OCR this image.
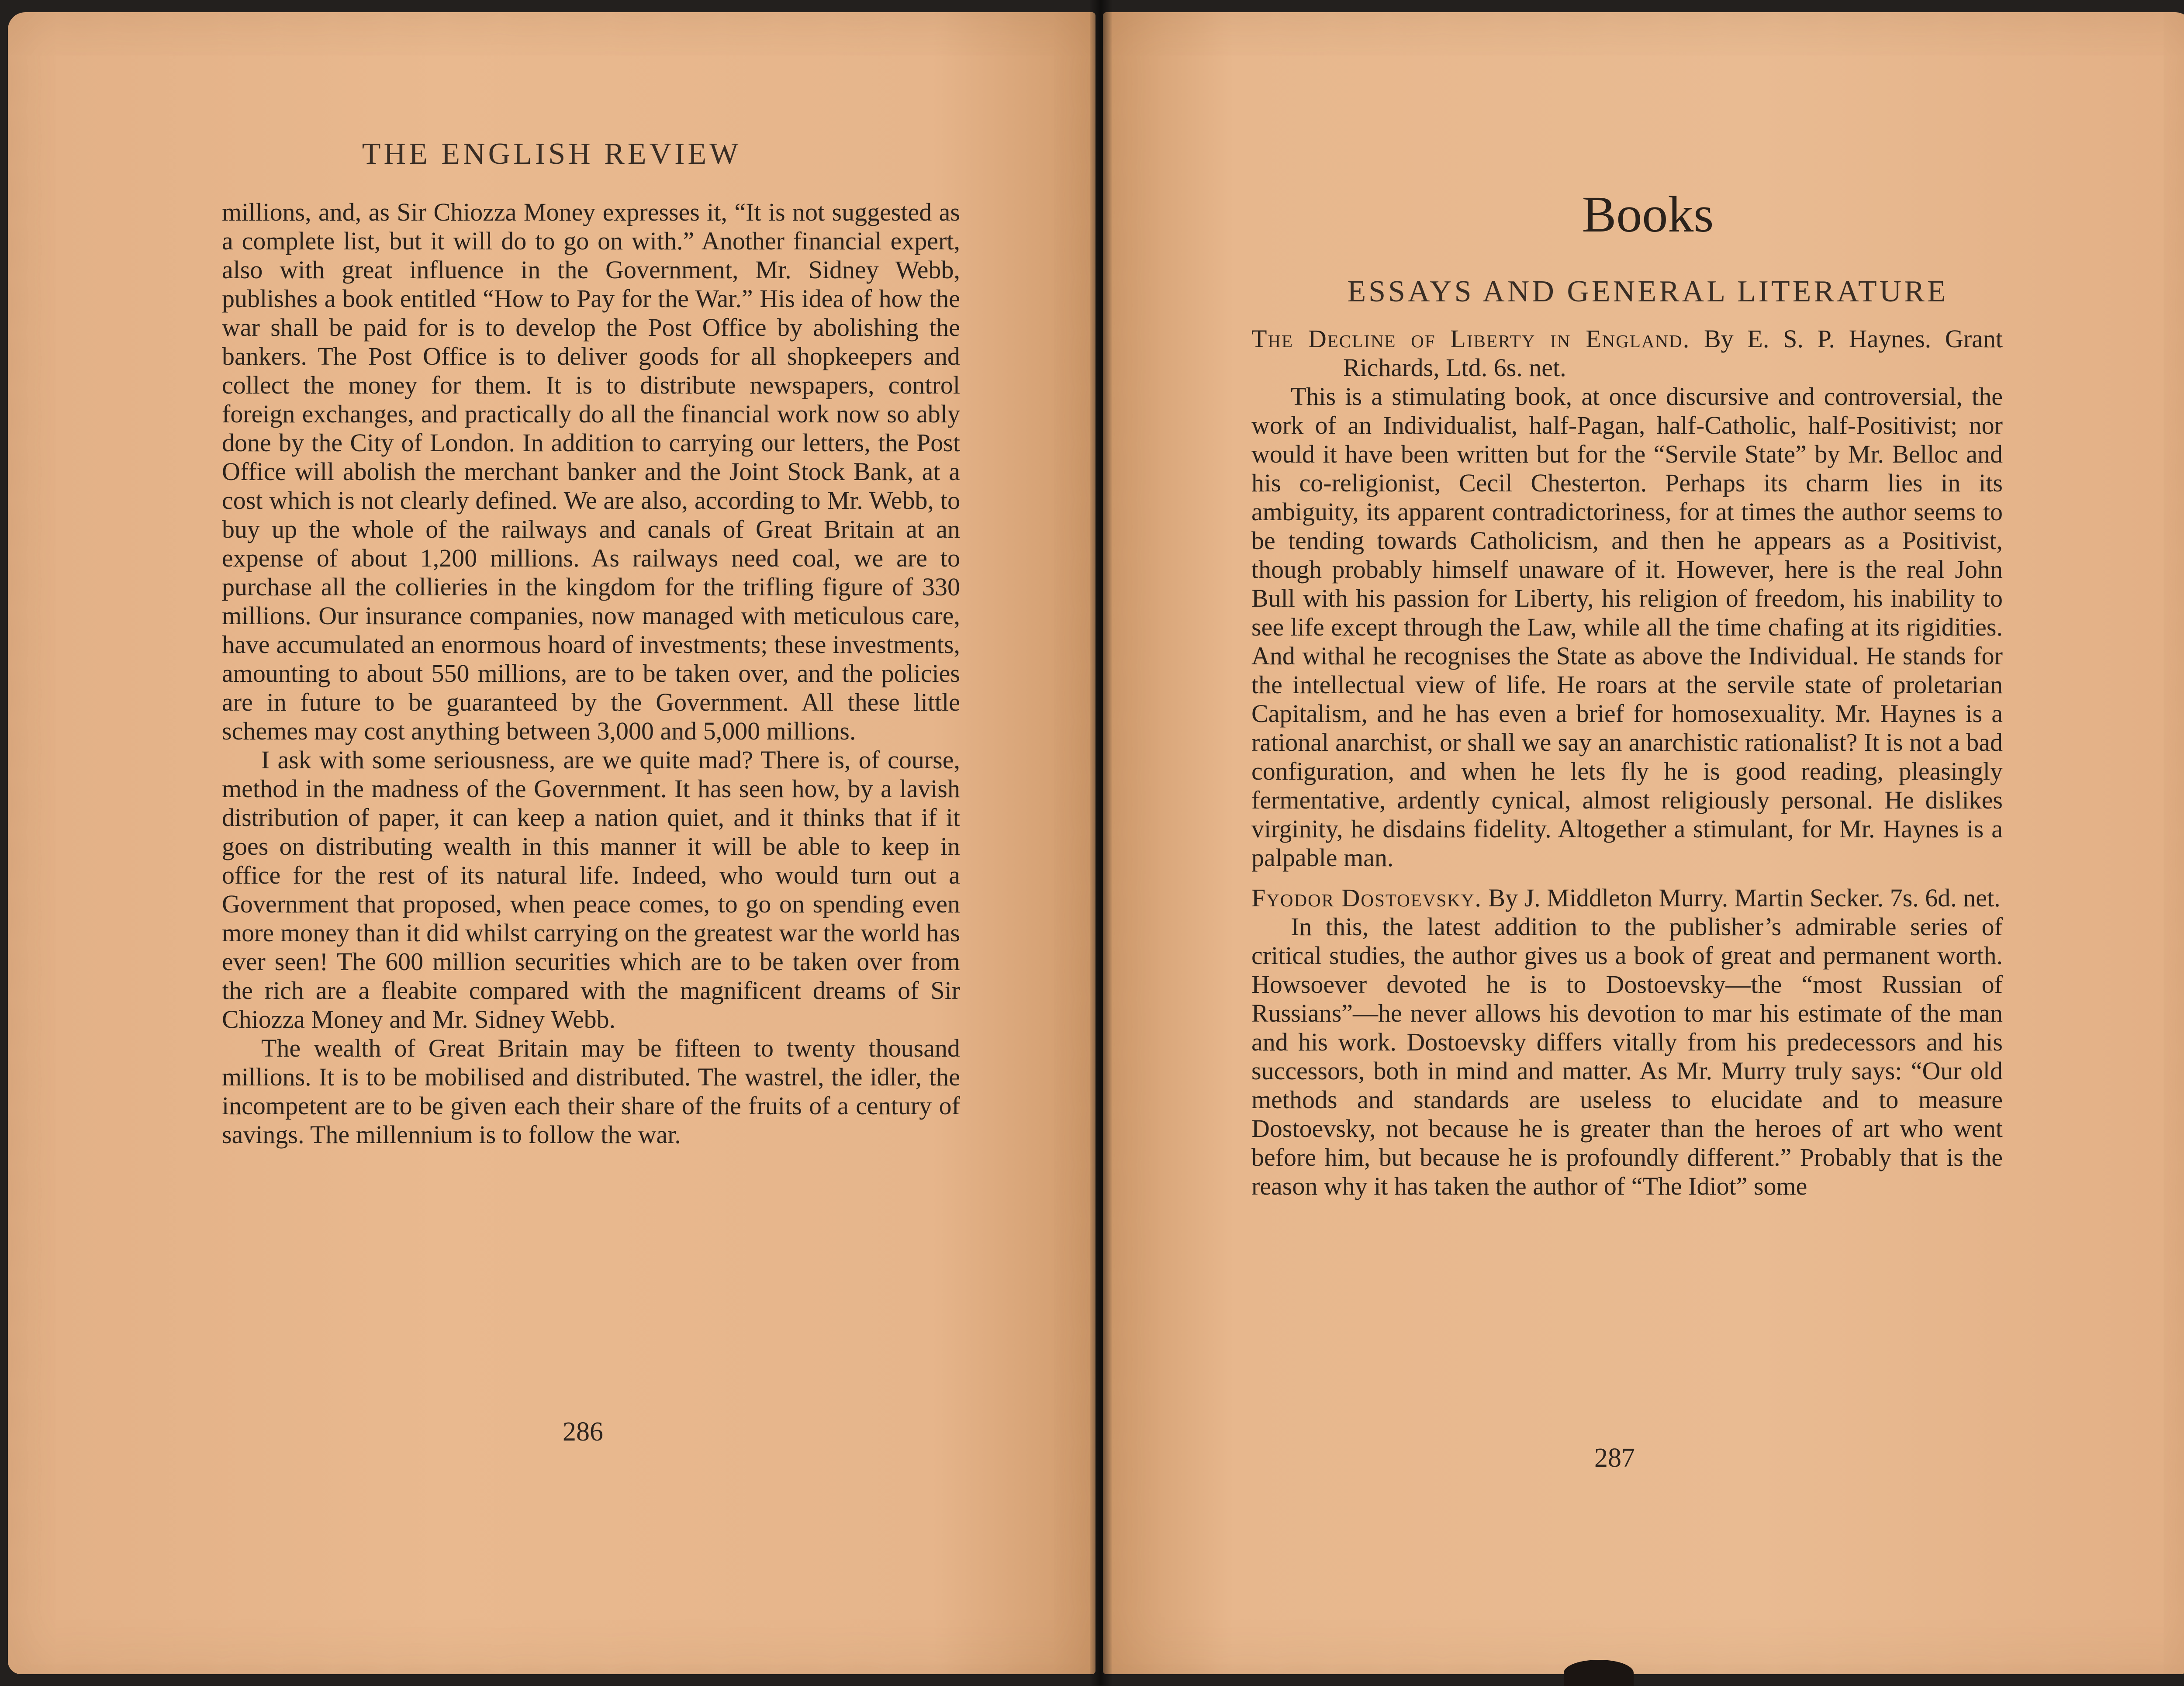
THE ENGLISH REVIEW

millions, and, as Sir Chiozza Money expresses it, “It is not suggested as a complete list, but it will do to go on with.” Another financial expert, also with great influence in the Government, Mr. Sidney Webb, publishes a book entitled “How to Pay for the War.” His idea of how the war shall be paid for is to develop the Post Office by abolishing the bankers. The Post Office is to deliver goods for all shopkeepers and collect the money for them. It is to distribute newspapers, control foreign exchanges, and practically do all the financial work now so ably done by the City of London. In addition to carrying our letters, the Post Office will abolish the merchant banker and the Joint Stock Bank, at a cost which is not clearly defined. We are also, according to Mr. Webb, to buy up the whole of the railways and canals of Great Britain at an expense of about 1,200 millions. As railways need coal, we are to purchase all the collieries in the kingdom for the trifling figure of 330 millions. Our insurance companies, now managed with meticulous care, have accumulated an enormous hoard of investments; these investments, amounting to about 550 millions, are to be taken over, and the policies are in future to be guaranteed by the Government. All these little schemes may cost anything between 3,000 and 5,000 millions.

I ask with some seriousness, are we quite mad? There is, of course, method in the madness of the Government. It has seen how, by a lavish distribution of paper, it can keep a nation quiet, and it thinks that if it goes on distributing wealth in this manner it will be able to keep in office for the rest of its natural life. Indeed, who would turn out a Government that proposed, when peace comes, to go on spending even more money than it did whilst carrying on the greatest war the world has ever seen! The 600 million securities which are to be taken over from the rich are a fleabite compared with the magnificent dreams of Sir Chiozza Money and Mr. Sidney Webb.

The wealth of Great Britain may be fifteen to twenty thousand millions. It is to be mobilised and distributed. The wastrel, the idler, the incompetent are to be given each their share of the fruits of a century of savings. The millennium is to follow the war.

286
Books
ESSAYS AND GENERAL LITERATURE

The Decline of Liberty in England. By E. S. P. Haynes. Grant Richards, Ltd. 6s. net.

This is a stimulating book, at once discursive and controversial, the work of an Individualist, half-Pagan, half-Catholic, half-Positivist; nor would it have been written but for the “Servile State” by Mr. Belloc and his co-religionist, Cecil Chesterton. Perhaps its charm lies in its ambiguity, its apparent contradictoriness, for at times the author seems to be tending towards Catholicism, and then he appears as a Positivist, though probably himself unaware of it. However, here is the real John Bull with his passion for Liberty, his religion of freedom, his inability to see life except through the Law, while all the time chafing at its rigidities. And withal he recognises the State as above the Individual. He stands for the intellectual view of life. He roars at the servile state of proletarian Capitalism, and he has even a brief for homosexuality. Mr. Haynes is a rational anarchist, or shall we say an anarchistic rationalist? It is not a bad configuration, and when he lets fly he is good reading, pleasingly fermentative, ardently cynical, almost religiously personal. He dislikes virginity, he disdains fidelity. Altogether a stimulant, for Mr. Haynes is a palpable man.

Fyodor Dostoevsky. By J. Middleton Murry. Martin Secker. 7s. 6d. net.

In this, the latest addition to the publisher’s admirable series of critical studies, the author gives us a book of great and permanent worth. Howsoever devoted he is to Dostoevsky—the “most Russian of Russians”—he never allows his devotion to mar his estimate of the man and his work. Dostoevsky differs vitally from his predecessors and his successors, both in mind and matter. As Mr. Murry truly says: “Our old methods and standards are useless to elucidate and to measure Dostoevsky, not because he is greater than the heroes of art who went before him, but because he is profoundly different.” Probably that is the reason why it has taken the author of “The Idiot” some

287
